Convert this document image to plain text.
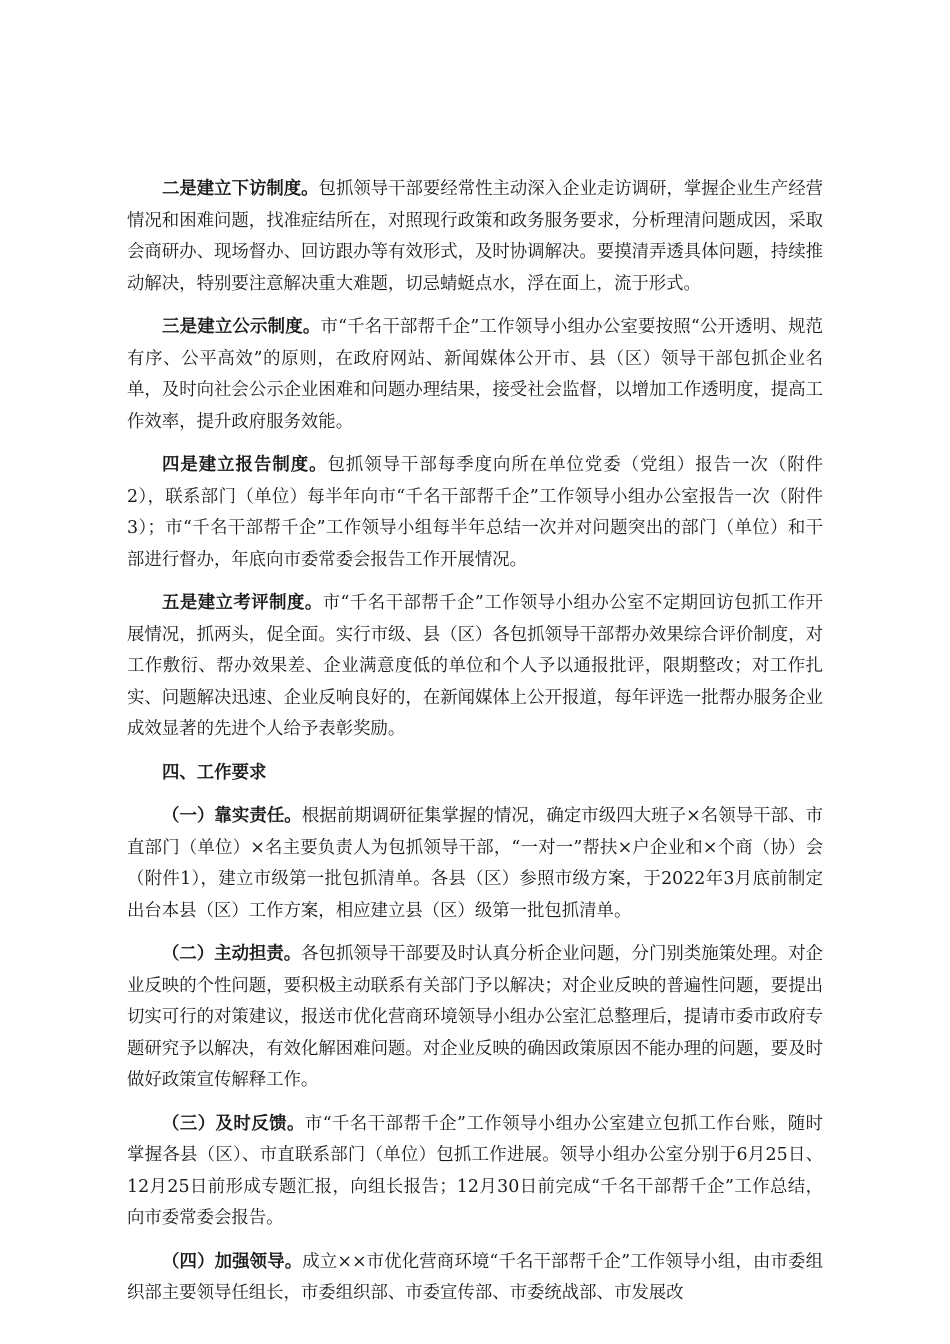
二是建立下访制度。包抓领导干部要经常性主动深入企业走访调研，掌握企业生产经营情况和困难问题，找准症结所在，对照现行政策和政务服务要求，分析理清问题成因，采取会商研办、现场督办、回访跟办等有效形式，及时协调解决。要摸清弄透具体问题，持续推动解决，特别要注意解决重大难题，切忌蜻蜓点水，浮在面上，流于形式。

三是建立公示制度。市“千名干部帮千企”工作领导小组办公室要按照“公开透明、规范有序、公平高效”的原则，在政府网站、新闻媒体公开市、县（区）领导干部包抓企业名单，及时向社会公示企业困难和问题办理结果，接受社会监督，以增加工作透明度，提高工作效率，提升政府服务效能。

四是建立报告制度。包抓领导干部每季度向所在单位党委（党组）报告一次（附件2），联系部门（单位）每半年向市“千名干部帮千企”工作领导小组办公室报告一次（附件3）；市“千名干部帮千企”工作领导小组每半年总结一次并对问题突出的部门（单位）和干部进行督办，年底向市委常委会报告工作开展情况。

五是建立考评制度。市“千名干部帮千企”工作领导小组办公室不定期回访包抓工作开展情况，抓两头，促全面。实行市级、县（区）各包抓领导干部帮办效果综合评价制度，对工作敷衍、帮办效果差、企业满意度低的单位和个人予以通报批评，限期整改；对工作扎实、问题解决迅速、企业反响良好的，在新闻媒体上公开报道，每年评选一批帮办服务企业成效显著的先进个人给予表彰奖励。

四、工作要求

（一）靠实责任。根据前期调研征集掌握的情况，确定市级四大班子×名领导干部、市直部门（单位）×名主要负责人为包抓领导干部，“一对一”帮扶×户企业和×个商（协）会（附件1），建立市级第一批包抓清单。各县（区）参照市级方案，于2022年3月底前制定出台本县（区）工作方案，相应建立县（区）级第一批包抓清单。

（二）主动担责。各包抓领导干部要及时认真分析企业问题，分门别类施策处理。对企业反映的个性问题，要积极主动联系有关部门予以解决；对企业反映的普遍性问题，要提出切实可行的对策建议，报送市优化营商环境领导小组办公室汇总整理后，提请市委市政府专题研究予以解决，有效化解困难问题。对企业反映的确因政策原因不能办理的问题，要及时做好政策宣传解释工作。

（三）及时反馈。市“千名干部帮千企”工作领导小组办公室建立包抓工作台账，随时掌握各县（区）、市直联系部门（单位）包抓工作进展。领导小组办公室分别于6月25日、12月25日前形成专题汇报，向组长报告；12月30日前完成“千名干部帮千企”工作总结，向市委常委会报告。

（四）加强领导。成立××市优化营商环境“千名干部帮千企”工作领导小组，由市委组织部主要领导任组长，市委组织部、市委宣传部、市委统战部、市发展改
